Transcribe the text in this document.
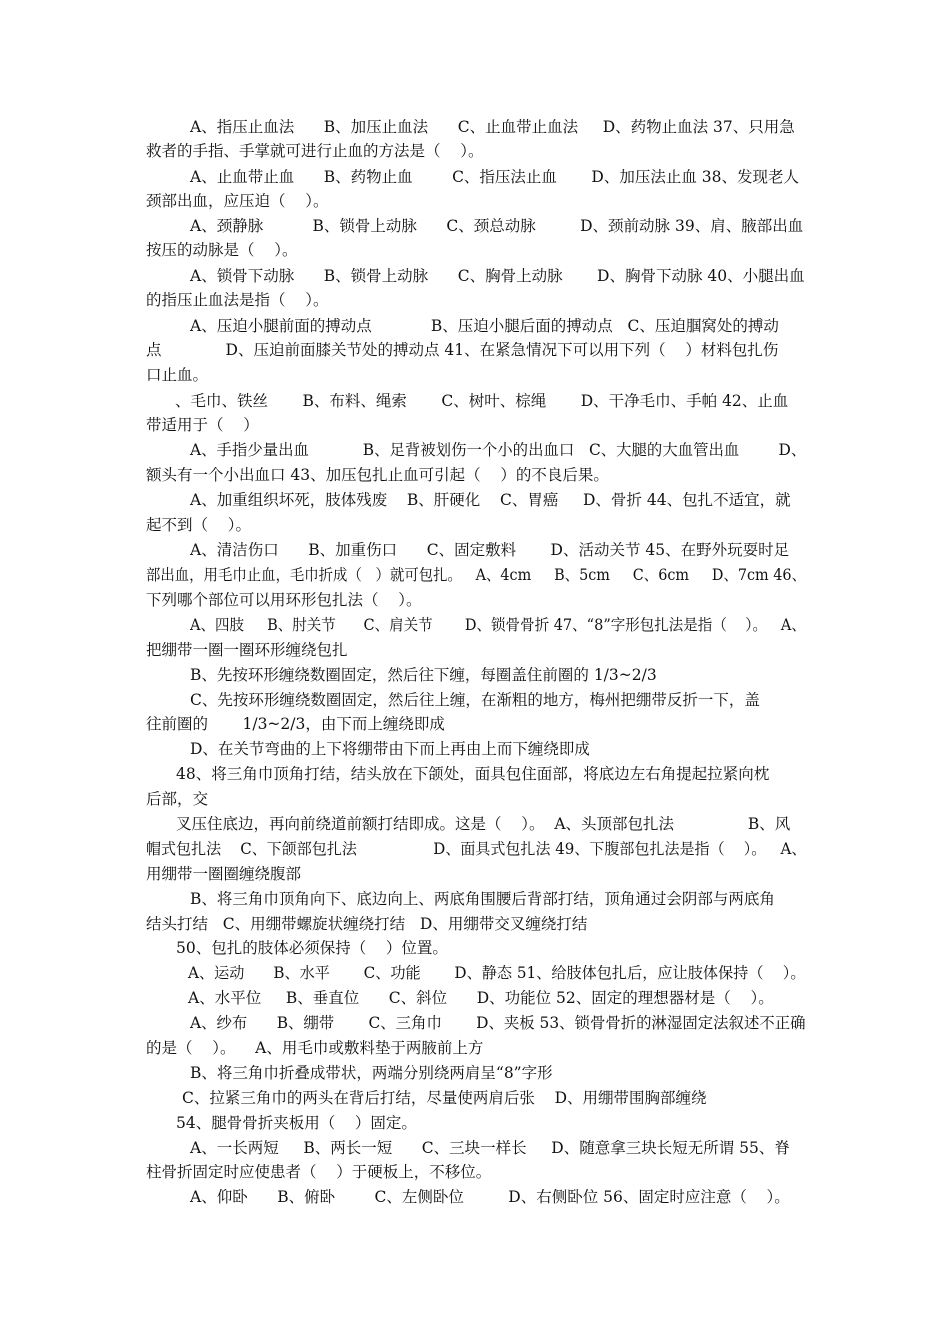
A、指压止血法      B、加压止血法      C、止血带止血法     D、药物止血法 37、只用急
救者的手指、手掌就可进行止血的方法是（    ）。
A、止血带止血      B、药物止血        C、指压法止血       D、加压法止血 38、发现老人
颈部出血，应压迫（    ）。
A、颈静脉          B、锁骨上动脉      C、颈总动脉         D、颈前动脉 39、肩、腋部出血
按压的动脉是（    ）。
A、锁骨下动脉      B、锁骨上动脉      C、胸骨上动脉       D、胸骨下动脉 40、小腿出血
的指压止血法是指（    ）。
A、压迫小腿前面的搏动点            B、压迫小腿后面的搏动点   C、压迫腘窝处的搏动
点             D、压迫前面膝关节处的搏动点 41、在紧急情况下可以用下列（    ）材料包扎伤
口止血。
、毛巾、铁丝       B、布料、绳索       C、树叶、棕绳       D、干净毛巾、手帕 42、止血
带适用于（    ）
A、手指少量出血           B、足背被划伤一个小的出血口   C、大腿的大血管出血        D、
额头有一个小出血口 43、加压包扎止血可引起（    ）的不良后果。
A、加重组织坏死，肢体残废    B、肝硬化    C、胃癌     D、骨折 44、包扎不适宜，就
起不到（    ）。
A、清洁伤口      B、加重伤口      C、固定敷料       D、活动关节 45、在野外玩耍时足
部出血，用毛巾止血，毛巾折成（   ）就可包扎。   A、4cm     B、5cm     C、6cm     D、7cm 46、
下列哪个部位可以用环形包扎法（    ）。
A、四肢     B、肘关节      C、肩关节       D、锁骨骨折 47、“8”字形包扎法是指（    ）。   A、
把绷带一圈一圈环形缠绕包扎
B、先按环形缠绕数圈固定，然后往下缠，每圈盖住前圈的 1/3~2/3
C、先按环形缠绕数圈固定，然后往上缠，在渐粗的地方，梅州把绷带反折一下，盖
往前圈的       1/3~2/3，由下而上缠绕即成
D、在关节弯曲的上下将绷带由下而上再由上而下缠绕即成
48、将三角巾顶角打结，结头放在下颌处，面具包住面部，将底边左右角提起拉紧向枕
后部，交
叉压住底边，再向前绕道前额打结即成。这是（    ）。  A、头顶部包扎法               B、风
帽式包扎法    C、下颌部包扎法                D、面具式包扎法 49、下腹部包扎法是指（    ）。   A、
用绷带一圈圈缠绕腹部
B、将三角巾顶角向下、底边向上、两底角围腰后背部打结，顶角通过会阴部与两底角
结头打结   C、用绷带螺旋状缠绕打结   D、用绷带交叉缠绕打结
50、包扎的肢体必须保持（    ）位置。
A、运动      B、水平       C、功能       D、静态 51、给肢体包扎后，应让肢体保持（    ）。
A、水平位     B、垂直位      C、斜位      D、功能位 52、固定的理想器材是（    ）。
A、纱布      B、绷带       C、三角巾       D、夹板 53、锁骨骨折的淋湿固定法叙述不正确
的是（    ）。    A、用毛巾或敷料垫于两腋前上方
B、将三角巾折叠成带状，两端分别绕两肩呈“8”字形
C、拉紧三角巾的两头在背后打结，尽量使两肩后张    D、用绷带围胸部缠绕
54、腿骨骨折夹板用（    ）固定。
A、一长两短     B、两长一短      C、三块一样长     D、随意拿三块长短无所谓 55、脊
柱骨折固定时应使患者（    ）于硬板上，不移位。
A、仰卧      B、俯卧        C、左侧卧位         D、右侧卧位 56、固定时应注意（    ）。
